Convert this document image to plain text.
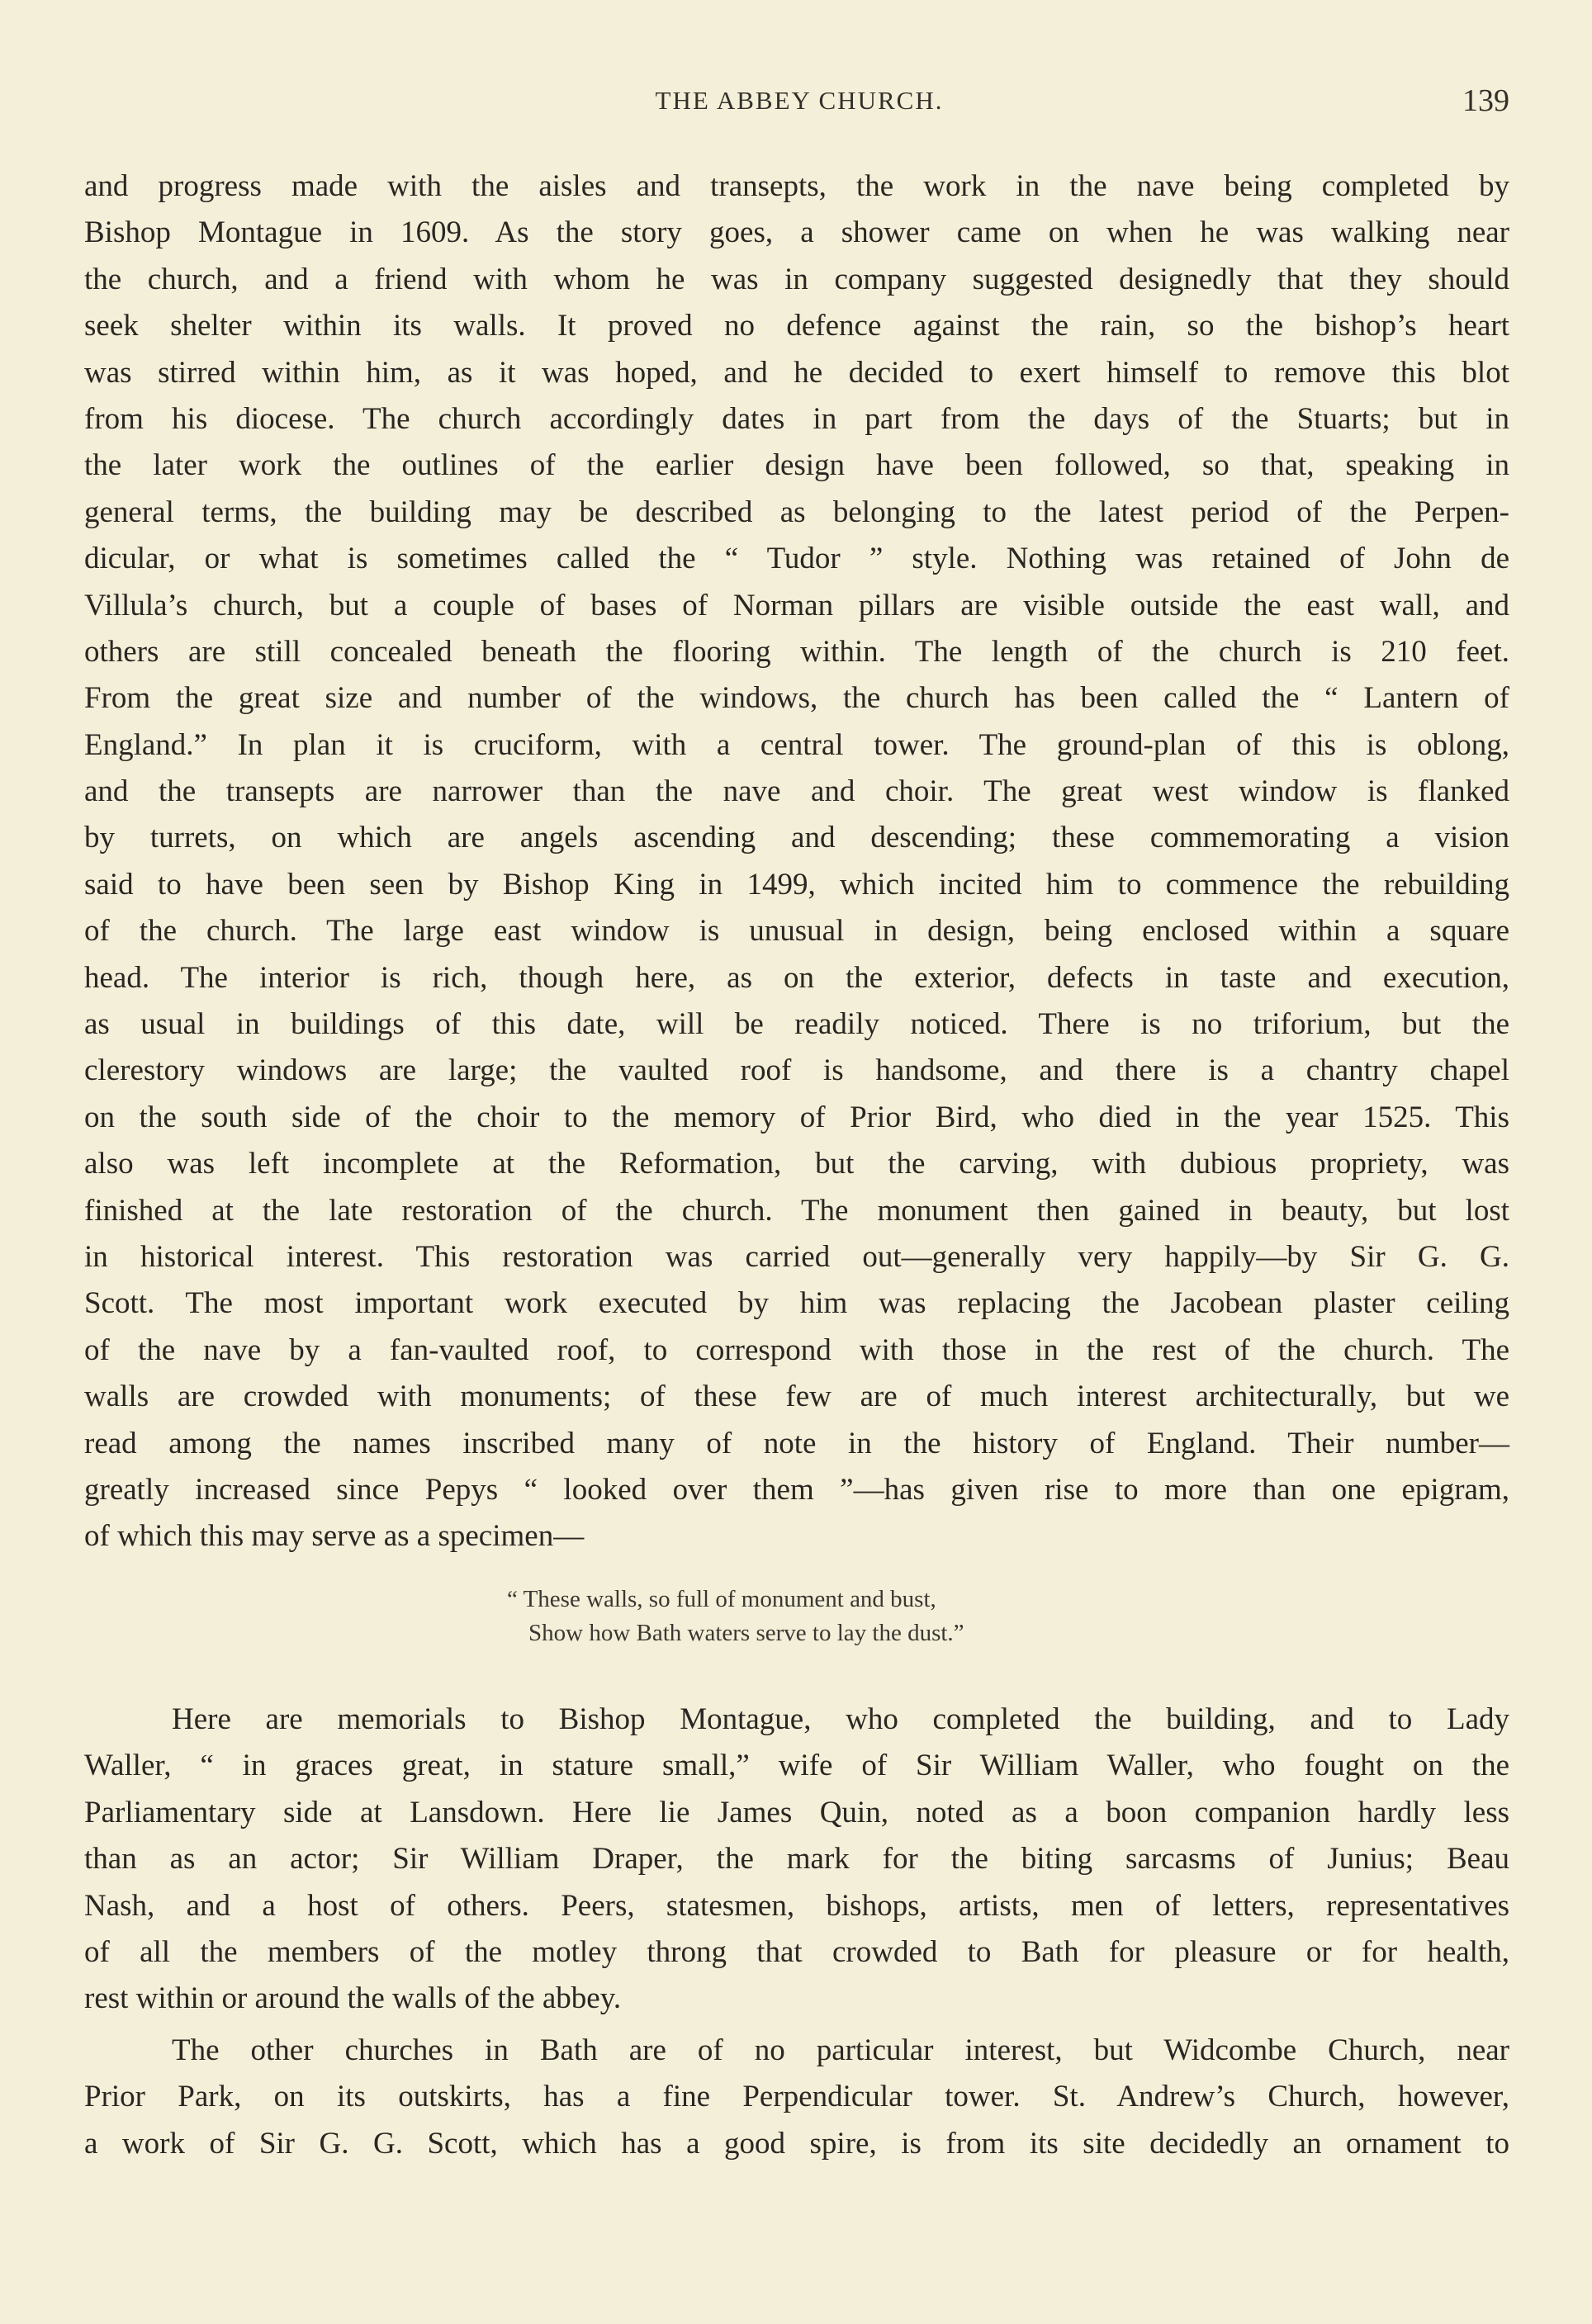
THE ABBEY CHURCH.	139
and progress made with the aisles and transepts, the work in the nave being completed by
Bishop Montague in 1609. As the story goes, a shower came on when he was walking near
the church, and a friend with whom he was in company suggested designedly that they should
seek shelter within its walls. It proved no defence against the rain, so the bishop’s heart
was stirred within him, as it was hoped, and he decided to exert himself to remove this blot
from his diocese. The church accordingly dates in part from the days of the Stuarts; but in
the later work the outlines of the earlier design have been followed, so that, speaking in
general terms, the building may be described as belonging to the latest period of the Perpen-
dicular, or what is sometimes called the “ Tudor ” style. Nothing was retained of John de
Villula’s church, but a couple of bases of Norman pillars are visible outside the east wall, and
others are still concealed beneath the flooring within. The length of the church is 210 feet.
From the great size and number of the windows, the church has been called the “ Lantern of
England.” In plan it is cruciform, with a central tower. The ground-plan of this is oblong,
and the transepts are narrower than the nave and choir. The great west window is flanked
by turrets, on which are angels ascending and descending; these commemorating a vision
said to have been seen by Bishop King in 1499, which incited him to commence the rebuilding
of the church. The large east window is unusual in design, being enclosed within a square
head. The interior is rich, though here, as on the exterior, defects in taste and execution,
as usual in buildings of this date, will be readily noticed. There is no triforium, but the
clerestory windows are large; the vaulted roof is handsome, and there is a chantry chapel
on the south side of the choir to the memory of Prior Bird, who died in the year 1525. This
also was left incomplete at the Reformation, but the carving, with dubious propriety, was
finished at the late restoration of the church. The monument then gained in beauty, but lost
in historical interest. This restoration was carried out—generally very happily—by Sir G. G.
Scott. The most important work executed by him was replacing the Jacobean plaster ceiling
of the nave by a fan-vaulted roof, to correspond with those in the rest of the church. The
walls are crowded with monuments; of these few are of much interest architecturally, but we
read among the names inscribed many of note in the history of England. Their number—
greatly increased since Pepys “ looked over them ”—has given rise to more than one epigram,
of which this may serve as a specimen—
“ These walls, so full of monument and bust,
Show how Bath waters serve to lay the dust.”
Here are memorials to Bishop Montague, who completed the building, and to Lady
Waller, “ in graces great, in stature small,” wife of Sir William Waller, who fought on the
Parliamentary side at Lansdown. Here lie James Quin, noted as a boon companion hardly less
than as an actor; Sir William Draper, the mark for the biting sarcasms of Junius; Beau
Nash, and a host of others. Peers, statesmen, bishops, artists, men of letters, representatives
of all the members of the motley throng that crowded to Bath for pleasure or for health,
rest within or around the walls of the abbey.
The other churches in Bath are of no particular interest, but Widcombe Church, near
Prior Park, on its outskirts, has a fine Perpendicular tower. St. Andrew’s Church, however,
a work of Sir G. G. Scott, which has a good spire, is from its site decidedly an ornament to
